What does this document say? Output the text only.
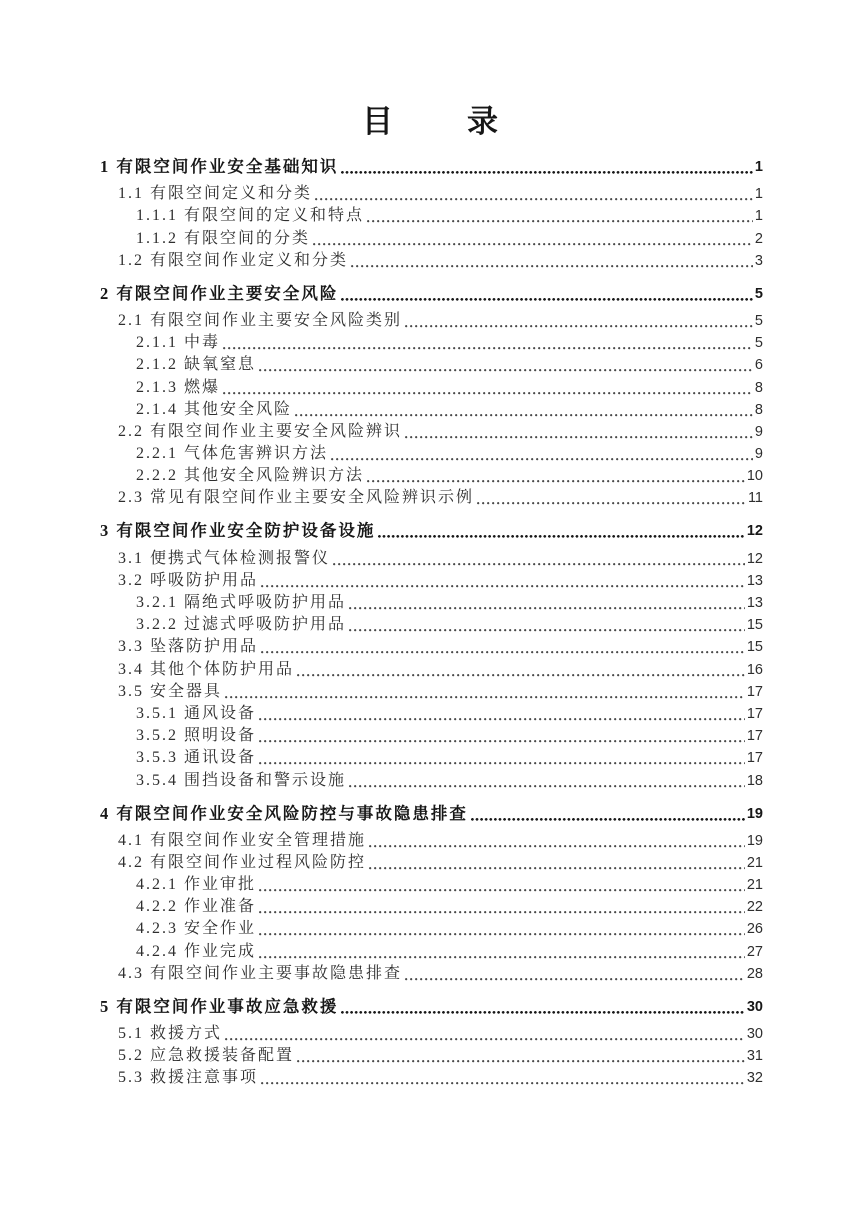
目　　录
1 有限空间作业安全基础知识	1
1.1 有限空间定义和分类	1
1.1.1 有限空间的定义和特点	1
1.1.2 有限空间的分类	2
1.2 有限空间作业定义和分类	3
2 有限空间作业主要安全风险	5
2.1 有限空间作业主要安全风险类别	5
2.1.1 中毒	5
2.1.2 缺氧窒息	6
2.1.3 燃爆	8
2.1.4 其他安全风险	8
2.2 有限空间作业主要安全风险辨识	9
2.2.1 气体危害辨识方法	9
2.2.2 其他安全风险辨识方法	10
2.3 常见有限空间作业主要安全风险辨识示例	11
3 有限空间作业安全防护设备设施	12
3.1 便携式气体检测报警仪	12
3.2 呼吸防护用品	13
3.2.1 隔绝式呼吸防护用品	13
3.2.2 过滤式呼吸防护用品	15
3.3 坠落防护用品	15
3.4 其他个体防护用品	16
3.5 安全器具	17
3.5.1 通风设备	17
3.5.2 照明设备	17
3.5.3 通讯设备	17
3.5.4 围挡设备和警示设施	18
4 有限空间作业安全风险防控与事故隐患排查	19
4.1 有限空间作业安全管理措施	19
4.2 有限空间作业过程风险防控	21
4.2.1 作业审批	21
4.2.2 作业准备	22
4.2.3 安全作业	26
4.2.4 作业完成	27
4.3 有限空间作业主要事故隐患排查	28
5 有限空间作业事故应急救援	30
5.1 救援方式	30
5.2 应急救援装备配置	31
5.3 救援注意事项	32
